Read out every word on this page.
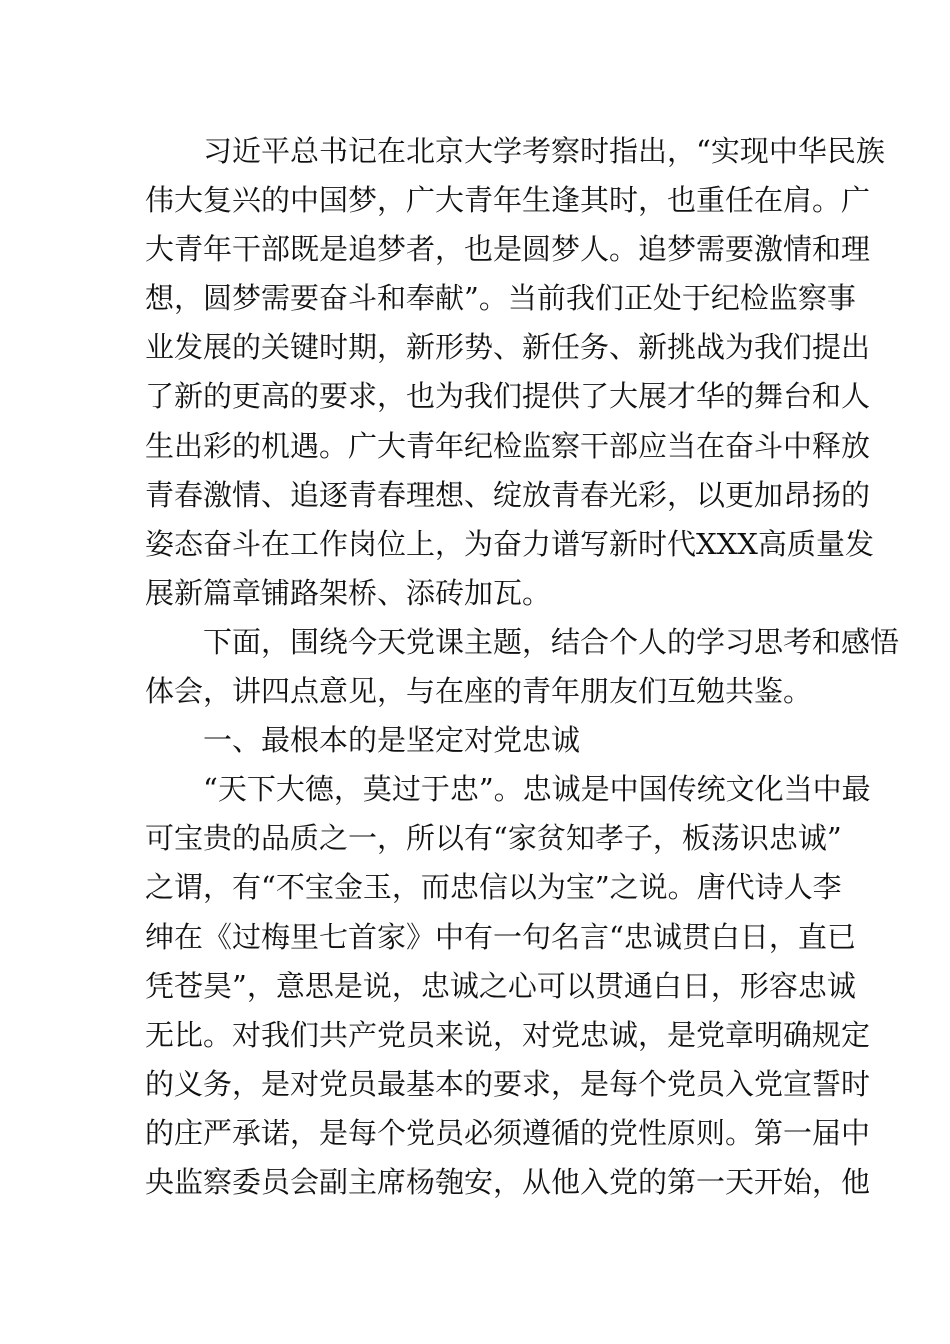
习近平总书记在北京大学考察时指出，“实现中华民族
伟大复兴的中国梦，广大青年生逢其时，也重任在肩。广
大青年干部既是追梦者，也是圆梦人。追梦需要激情和理
想，圆梦需要奋斗和奉献”。当前我们正处于纪检监察事
业发展的关键时期，新形势、新任务、新挑战为我们提出
了新的更高的要求，也为我们提供了大展才华的舞台和人
生出彩的机遇。广大青年纪检监察干部应当在奋斗中释放
青春激情、追逐青春理想、绽放青春光彩，以更加昂扬的
姿态奋斗在工作岗位上，为奋力谱写新时代XXX高质量发
展新篇章铺路架桥、添砖加瓦。
下面，围绕今天党课主题，结合个人的学习思考和感悟
体会，讲四点意见，与在座的青年朋友们互勉共鉴。
一、最根本的是坚定对党忠诚
“天下大德，莫过于忠”。忠诚是中国传统文化当中最
可宝贵的品质之一，所以有“家贫知孝子，板荡识忠诚”
之谓，有“不宝金玉，而忠信以为宝”之说。唐代诗人李
绅在《过梅里七首家》中有一句名言“忠诚贯白日，直已
凭苍昊”，意思是说，忠诚之心可以贯通白日，形容忠诚
无比。对我们共产党员来说，对党忠诚，是党章明确规定
的义务，是对党员最基本的要求，是每个党员入党宣誓时
的庄严承诺，是每个党员必须遵循的党性原则。第一届中
央监察委员会副主席杨匏安，从他入党的第一天开始，他
